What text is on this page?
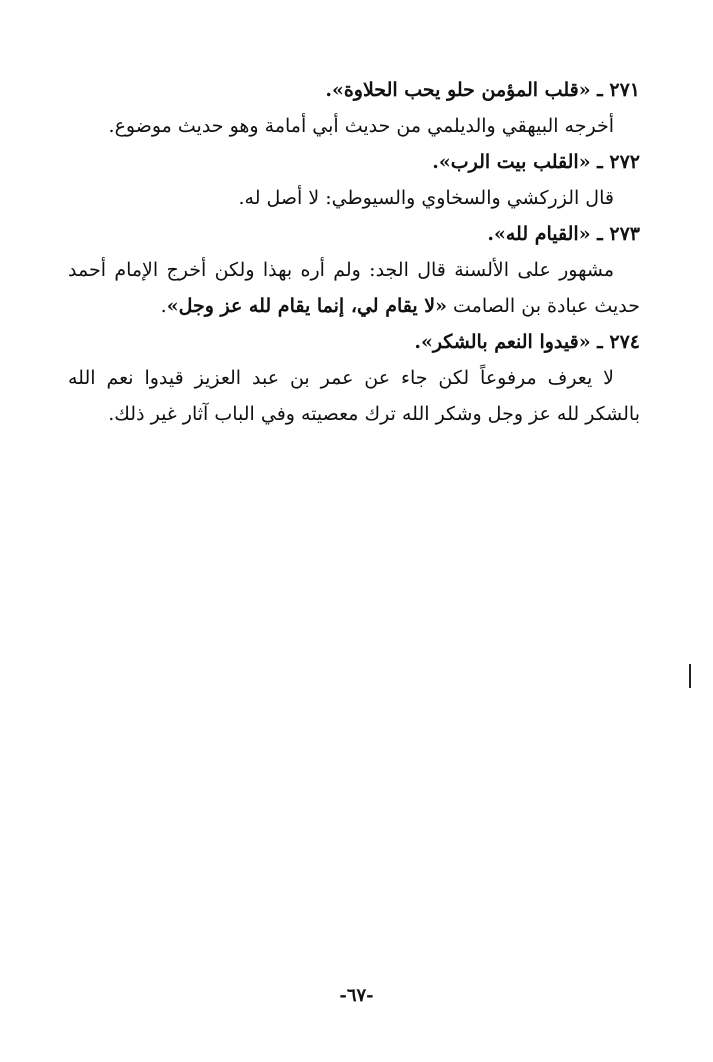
٢٧١ ـ «قلب المؤمن حلو يحب الحلاوة».
أخرجه البيهقي والديلمي من حديث أبي أمامة وهو حديث موضوع.
٢٧٢ ـ «القلب بيت الرب».
قال الزركشي والسخاوي والسيوطي: لا أصل له.
٢٧٣ ـ «القيام لله».
مشهور على الألسنة قال الجد: ولم أره بهذا ولكن أخرج الإمام أحمد
حديث عبادة بن الصامت «لا يقام لي، إنما يقام لله عز وجل».
٢٧٤ ـ «قيدوا النعم بالشكر».
لا يعرف مرفوعاً لكن جاء عن عمر بن عبد العزيز قيدوا نعم الله
بالشكر لله عز وجل وشكر الله ترك معصيته وفي الباب آثار غير ذلك.
-٦٧-
